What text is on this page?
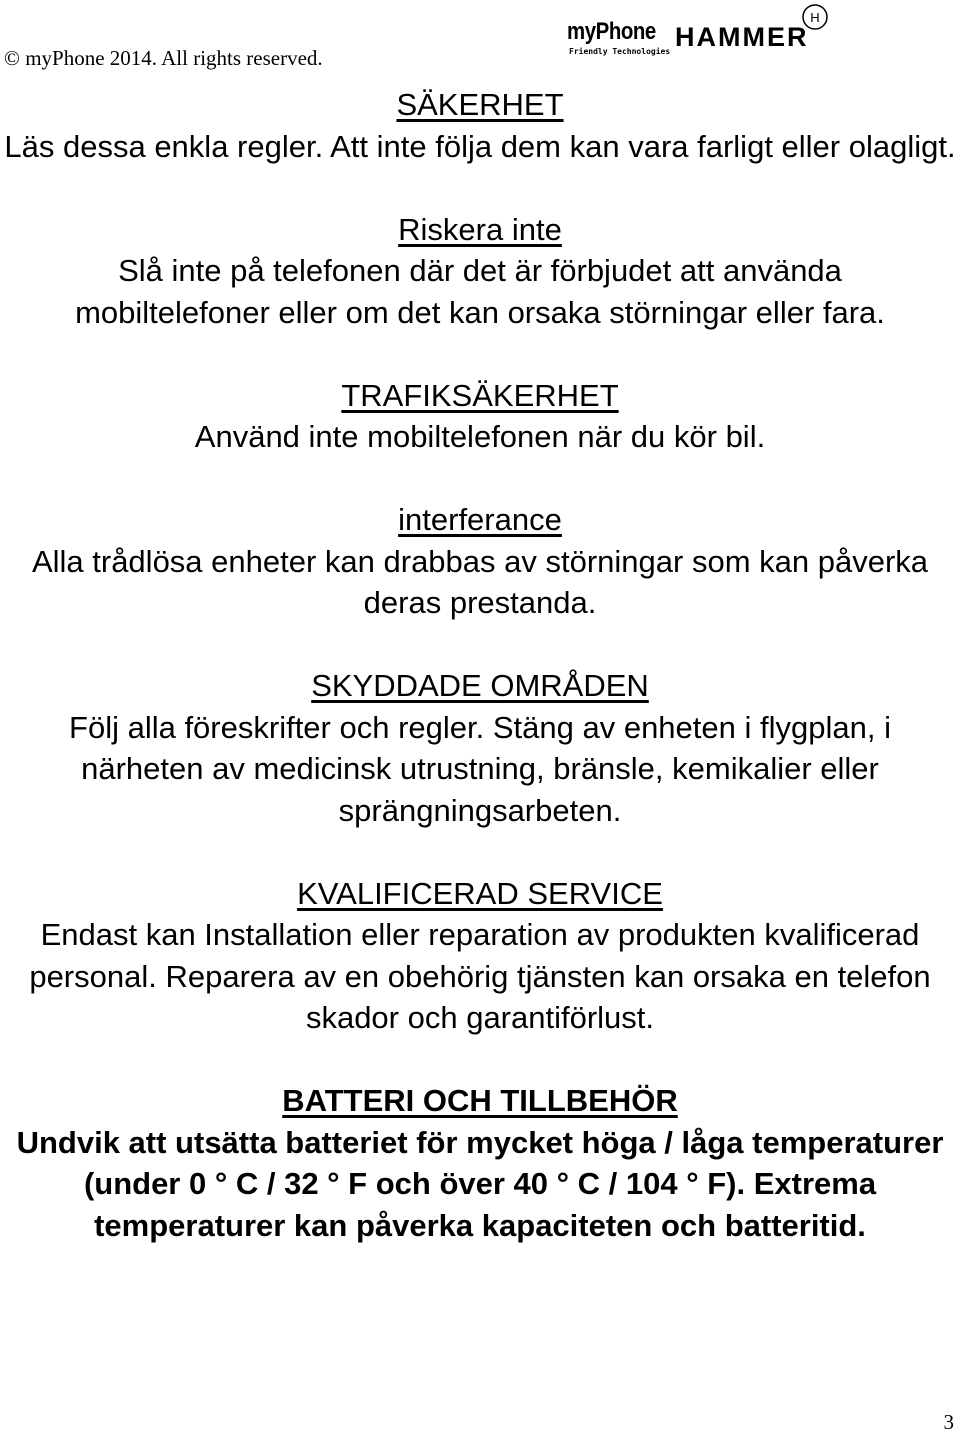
© myPhone 2014. All rights reserved.
myPhone
Friendly Technologies HAMMER
H
SÄKERHET
Läs dessa enkla regler. Att inte följa dem kan vara farligt eller olagligt.
Riskera inte
Slå inte på telefonen där det är förbjudet att använda mobiltelefoner eller om det kan orsaka störningar eller fara.
TRAFIKSÄKERHET
Använd inte mobiltelefonen när du kör bil.
interferance
Alla trådlösa enheter kan drabbas av störningar som kan påverka deras prestanda.
SKYDDADE OMRÅDEN
Följ alla föreskrifter och regler. Stäng av enheten i flygplan, i närheten av medicinsk utrustning, bränsle, kemikalier eller sprängningsarbeten.
KVALIFICERAD SERVICE
Endast kan Installation eller reparation av produkten kvalificerad personal. Reparera av en obehörig tjänsten kan orsaka en telefon skador och garantiförlust.
BATTERI OCH TILLBEHÖR
Undvik att utsätta batteriet för mycket höga / låga temperaturer (under 0 ° C / 32 ° F och över 40 ° C / 104 ° F). Extrema temperaturer kan påverka kapaciteten och batteritid.
3
